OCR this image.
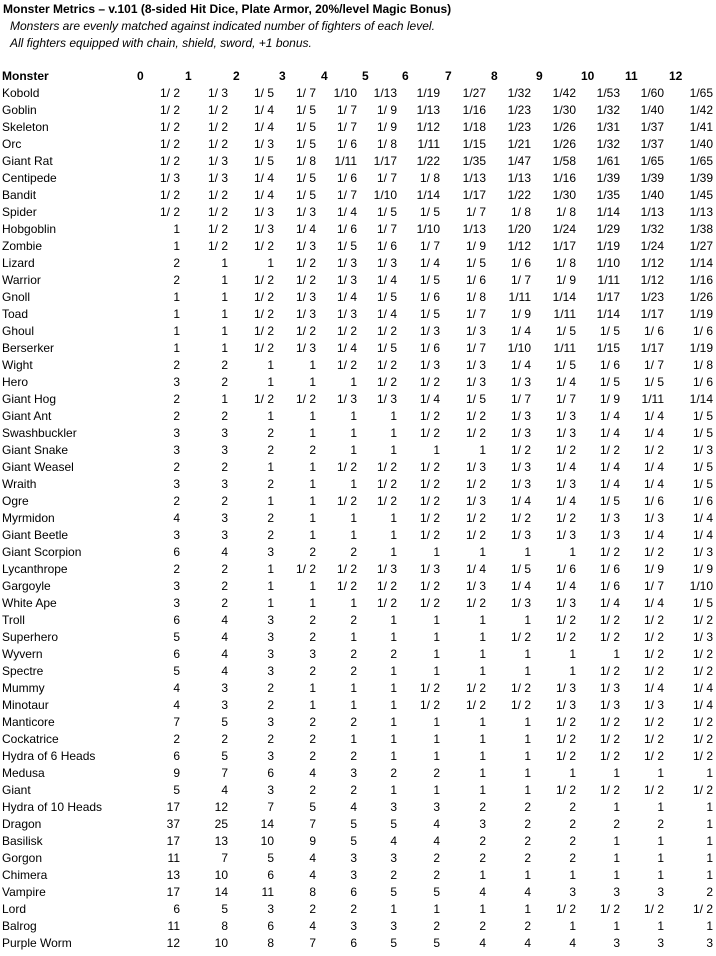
Monster Metrics – v.101 (8-sided Hit Dice, Plate Armor, 20%/level Magic Bonus)

Monsters are evenly matched against indicated number of fighters of each level.

All fighters equipped with chain, shield, sword, +1 bonus.

Monster	0	1	2	3	4	5	6	7	8	9	10	11	12
Kobold	1/ 2	1/ 3	1/ 5	1/ 7	1/10	1/13	1/19	1/27	1/32	1/42	1/53	1/60	1/65
Goblin	1/ 2	1/ 2	1/ 4	1/ 5	1/ 7	1/ 9	1/13	1/16	1/23	1/30	1/32	1/40	1/42
Skeleton	1/ 2	1/ 2	1/ 4	1/ 5	1/ 7	1/ 9	1/12	1/18	1/23	1/26	1/31	1/37	1/41
Orc	1/ 2	1/ 2	1/ 3	1/ 5	1/ 6	1/ 8	1/11	1/15	1/21	1/26	1/32	1/37	1/40
Giant Rat	1/ 2	1/ 3	1/ 5	1/ 8	1/11	1/17	1/22	1/35	1/47	1/58	1/61	1/65	1/65
Centipede	1/ 3	1/ 3	1/ 4	1/ 5	1/ 6	1/ 7	1/ 8	1/13	1/13	1/16	1/39	1/39	1/39
Bandit	1/ 2	1/ 2	1/ 4	1/ 5	1/ 7	1/10	1/14	1/17	1/22	1/30	1/35	1/40	1/45
Spider	1/ 2	1/ 2	1/ 3	1/ 3	1/ 4	1/ 5	1/ 5	1/ 7	1/ 8	1/ 8	1/14	1/13	1/13
Hobgoblin	1	1/ 2	1/ 3	1/ 4	1/ 6	1/ 7	1/10	1/13	1/20	1/24	1/29	1/32	1/38
Zombie	1	1/ 2	1/ 2	1/ 3	1/ 5	1/ 6	1/ 7	1/ 9	1/12	1/17	1/19	1/24	1/27
Lizard	2	1	1	1/ 2	1/ 3	1/ 3	1/ 4	1/ 5	1/ 6	1/ 8	1/10	1/12	1/14
Warrior	2	1	1/ 2	1/ 2	1/ 3	1/ 4	1/ 5	1/ 6	1/ 7	1/ 9	1/11	1/12	1/16
Gnoll	1	1	1/ 2	1/ 3	1/ 4	1/ 5	1/ 6	1/ 8	1/11	1/14	1/17	1/23	1/26
Toad	1	1	1/ 2	1/ 3	1/ 3	1/ 4	1/ 5	1/ 7	1/ 9	1/11	1/14	1/17	1/19
Ghoul	1	1	1/ 2	1/ 2	1/ 2	1/ 2	1/ 3	1/ 3	1/ 4	1/ 5	1/ 5	1/ 6	1/ 6
Berserker	1	1	1/ 2	1/ 3	1/ 4	1/ 5	1/ 6	1/ 7	1/10	1/11	1/15	1/17	1/19
Wight	2	2	1	1	1/ 2	1/ 2	1/ 3	1/ 3	1/ 4	1/ 5	1/ 6	1/ 7	1/ 8
Hero	3	2	1	1	1	1/ 2	1/ 2	1/ 3	1/ 3	1/ 4	1/ 5	1/ 5	1/ 6
Giant Hog	2	1	1/ 2	1/ 2	1/ 3	1/ 3	1/ 4	1/ 5	1/ 7	1/ 7	1/ 9	1/11	1/14
Giant Ant	2	2	1	1	1	1	1/ 2	1/ 2	1/ 3	1/ 3	1/ 4	1/ 4	1/ 5
Swashbuckler	3	3	2	1	1	1	1/ 2	1/ 2	1/ 3	1/ 3	1/ 4	1/ 4	1/ 5
Giant Snake	3	3	2	2	1	1	1	1	1/ 2	1/ 2	1/ 2	1/ 2	1/ 3
Giant Weasel	2	2	1	1	1/ 2	1/ 2	1/ 2	1/ 3	1/ 3	1/ 4	1/ 4	1/ 4	1/ 5
Wraith	3	3	2	1	1	1/ 2	1/ 2	1/ 2	1/ 3	1/ 3	1/ 4	1/ 4	1/ 5
Ogre	2	2	1	1	1/ 2	1/ 2	1/ 2	1/ 3	1/ 4	1/ 4	1/ 5	1/ 6	1/ 6
Myrmidon	4	3	2	1	1	1	1/ 2	1/ 2	1/ 2	1/ 2	1/ 3	1/ 3	1/ 4
Giant Beetle	3	3	2	1	1	1	1/ 2	1/ 2	1/ 3	1/ 3	1/ 3	1/ 4	1/ 4
Giant Scorpion	6	4	3	2	2	1	1	1	1	1	1/ 2	1/ 2	1/ 3
Lycanthrope	2	2	1	1/ 2	1/ 2	1/ 3	1/ 3	1/ 4	1/ 5	1/ 6	1/ 6	1/ 9	1/ 9
Gargoyle	3	2	1	1	1/ 2	1/ 2	1/ 2	1/ 3	1/ 4	1/ 4	1/ 6	1/ 7	1/10
White Ape	3	2	1	1	1	1/ 2	1/ 2	1/ 2	1/ 3	1/ 3	1/ 4	1/ 4	1/ 5
Troll	6	4	3	2	2	1	1	1	1	1/ 2	1/ 2	1/ 2	1/ 2
Superhero	5	4	3	2	1	1	1	1	1/ 2	1/ 2	1/ 2	1/ 2	1/ 3
Wyvern	6	4	3	3	2	2	1	1	1	1	1	1/ 2	1/ 2
Spectre	5	4	3	2	2	1	1	1	1	1	1/ 2	1/ 2	1/ 2
Mummy	4	3	2	1	1	1	1/ 2	1/ 2	1/ 2	1/ 3	1/ 3	1/ 4	1/ 4
Minotaur	4	3	2	1	1	1	1/ 2	1/ 2	1/ 2	1/ 3	1/ 3	1/ 3	1/ 4
Manticore	7	5	3	2	2	1	1	1	1	1/ 2	1/ 2	1/ 2	1/ 2
Cockatrice	2	2	2	2	1	1	1	1	1	1/ 2	1/ 2	1/ 2	1/ 2
Hydra of 6 Heads	6	5	3	2	2	1	1	1	1	1/ 2	1/ 2	1/ 2	1/ 2
Medusa	9	7	6	4	3	2	2	1	1	1	1	1	1
Giant	5	4	3	2	2	1	1	1	1	1/ 2	1/ 2	1/ 2	1/ 2
Hydra of 10 Heads	17	12	7	5	4	3	3	2	2	2	1	1	1
Dragon	37	25	14	7	5	5	4	3	2	2	2	2	1
Basilisk	17	13	10	9	5	4	4	2	2	2	1	1	1
Gorgon	11	7	5	4	3	3	2	2	2	2	1	1	1
Chimera	13	10	6	4	3	2	2	1	1	1	1	1	1
Vampire	17	14	11	8	6	5	5	4	4	3	3	3	2
Lord	6	5	3	2	2	1	1	1	1	1/ 2	1/ 2	1/ 2	1/ 2
Balrog	11	8	6	4	3	3	2	2	2	1	1	1	1
Purple Worm	12	10	8	7	6	5	5	4	4	4	3	3	3
